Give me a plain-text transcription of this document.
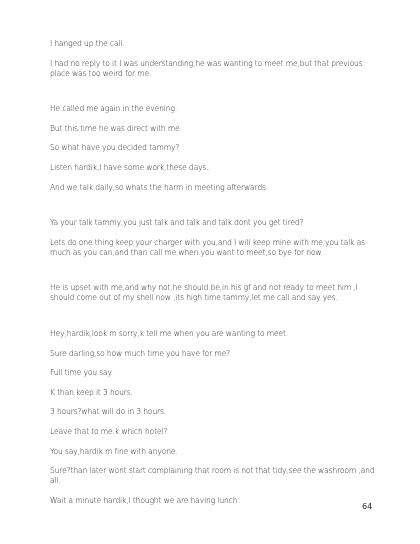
I hanged up the call.

I had no reply to it.I was understanding,he was wanting to meet me,but that previous place was too weird for me.

He called me again in the evening.

But this time he was direct with me.

So what have you decided tammy?

Listen hardik,I have some work,these days..

And we talk daily,so whats the harm in meeting afterwards.

Ya your talk tammy,you just talk and talk and talk.dont you get tired?

Lets do one thing keep your charger with you,and I will keep mine with me,you talk as much as you can,and than call me when you want to meet,so bye for now..

He is upset with me,and why not,he should be,in his gf and not ready to meet him ,I should come out of my shell now ,its high time tammy,let me call and say yes.

Hey,hardik,look m sorry,k tell me when you are wanting to meet.

Sure darling,so how much time you have for me?

Full time you say.

K than keep it 3 hours.

3 hours?what will do in 3 hours.

Leave that to me.k which hotel?

You say,hardik m fine with anyone.

Sure?than later wont start complaining that room is not that tidy,see the washroom ,and all.

Wait a minute hardik,I thought we are having lunch.

64
